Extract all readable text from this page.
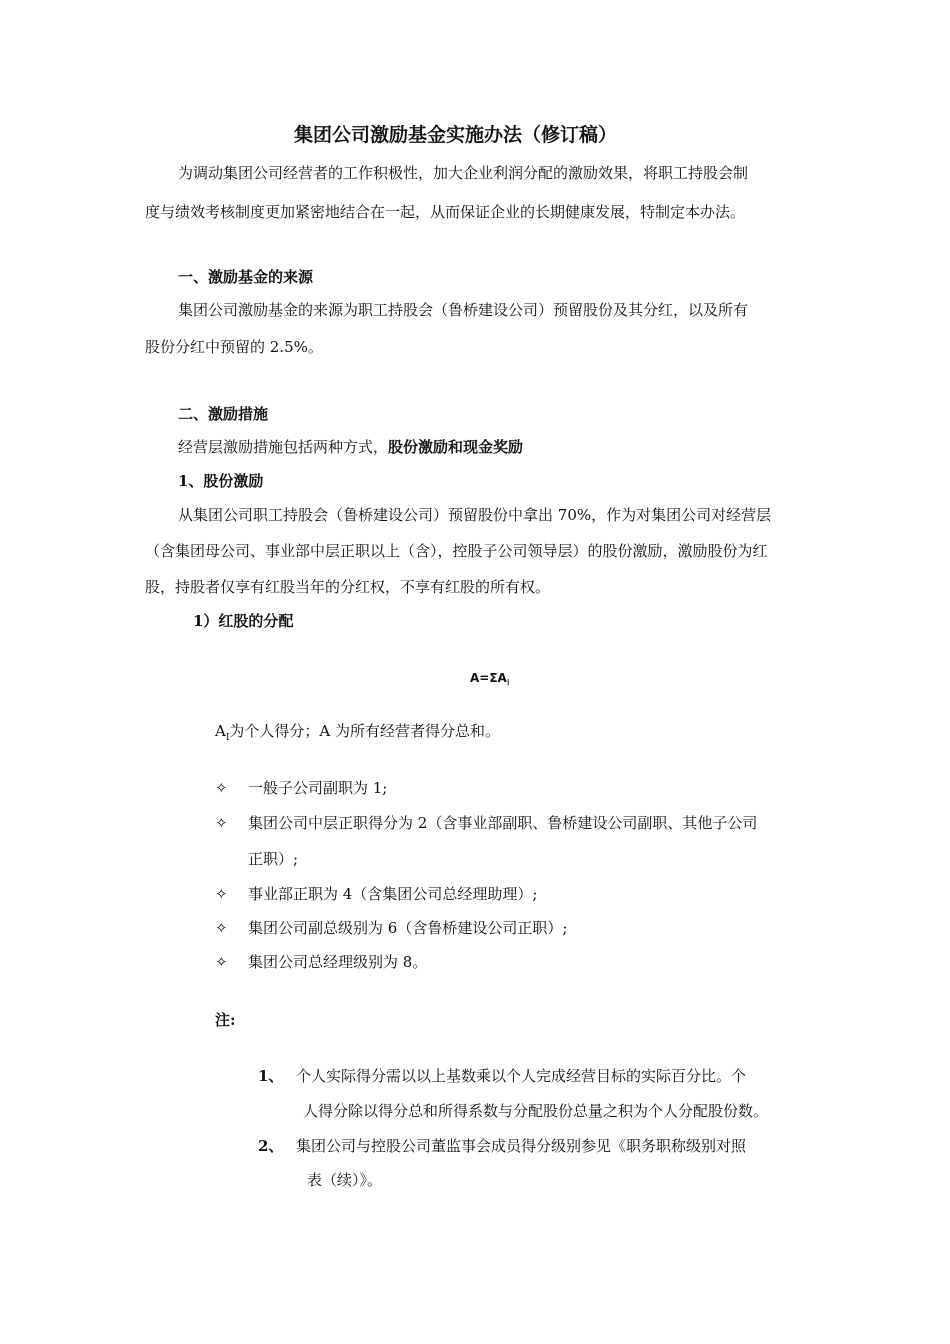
集团公司激励基金实施办法（修订稿）
为调动集团公司经营者的工作积极性，加大企业利润分配的激励效果，将职工持股会制
度与绩效考核制度更加紧密地结合在一起，从而保证企业的长期健康发展，特制定本办法。
一、激励基金的来源
集团公司激励基金的来源为职工持股会（鲁桥建设公司）预留股份及其分红，以及所有
股份分红中预留的 2.5%。
二、激励措施
经营层激励措施包括两种方式，股份激励和现金奖励
1、股份激励
从集团公司职工持股会（鲁桥建设公司）预留股份中拿出 70%，作为对集团公司对经营层
（含集团母公司、事业部中层正职以上（含），控股子公司领导层）的股份激励，激励股份为红
股，持股者仅享有红股当年的分红权，不享有红股的所有权。
1）红股的分配
$A=\Sigma A_I$
$A_I$为个人得分；A 为所有经营者得分总和。
✧ 一般子公司副职为 1;
✧ 集团公司中层正职得分为 2（含事业部副职、鲁桥建设公司副职、其他子公司
正职）;
✧ 事业部正职为 4（含集团公司总经理助理）;
✧ 集团公司副总级别为 6（含鲁桥建设公司正职）;
✧ 集团公司总经理级别为 8。
注:
1、 个人实际得分需以以上基数乘以个人完成经营目标的实际百分比。个
人得分除以得分总和所得系数与分配股份总量之积为个人分配股份数。
2、 集团公司与控股公司董监事会成员得分级别参见《职务职称级别对照
表（续）》。
